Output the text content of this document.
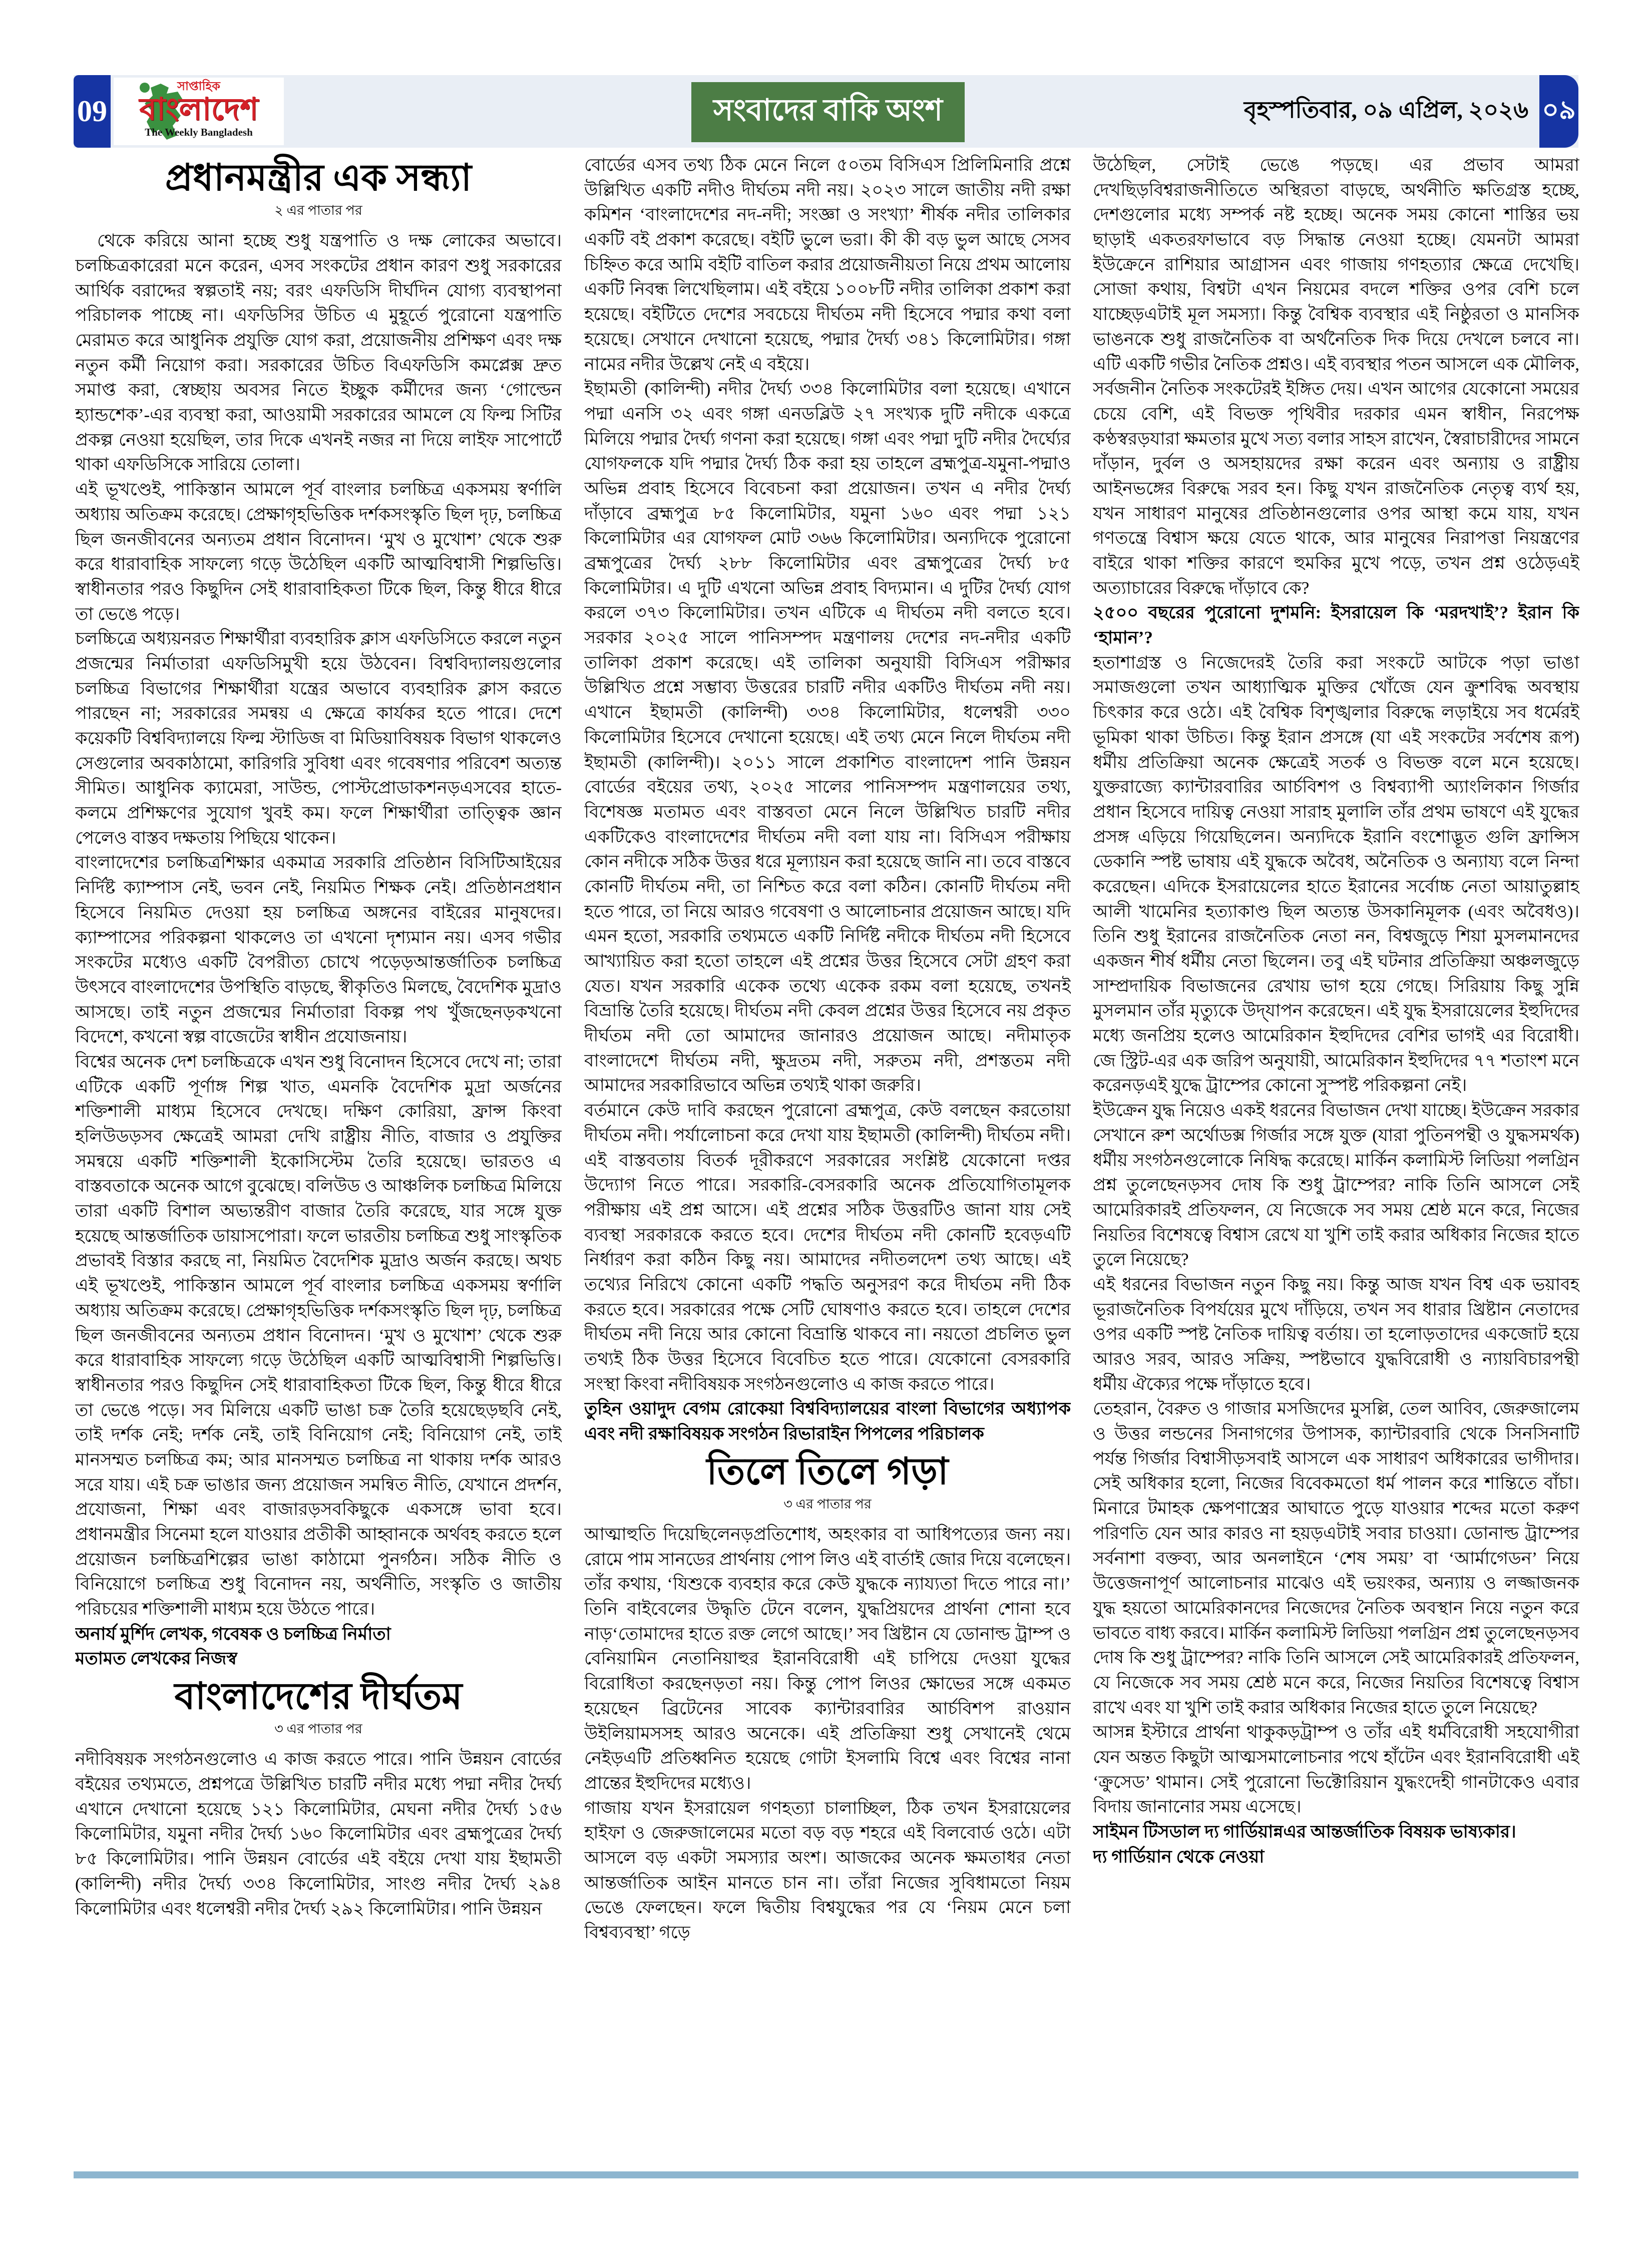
09
সাপ্তাহিক
বাংলাদেশ
The Weekly Bangladesh
সংবাদের বাকি অংশ	বৃহস্পতিবার, ০৯ এপ্রিল, ২০২৬ ০৯
প্রধানমন্ত্রীর এক সন্ধ্যা
২ এর পাতার পর
থেকে করিয়ে আনা হচ্ছে শুধু যন্ত্রপাতি ও দক্ষ লোকের অভাবে। চলচ্চিত্রকারেরা মনে করেন, এসব সংকটের প্রধান কারণ শুধু সরকারের আর্থিক বরাদ্দের স্বল্পতাই নয়; বরং এফডিসি দীর্ঘদিন যোগ্য ব্যবস্থাপনা পরিচালক পাচ্ছে না। এফডিসির উচিত এ মুহূর্তে পুরোনো যন্ত্রপাতি মেরামত করে আধুনিক প্রযুক্তি যোগ করা, প্রয়োজনীয় প্রশিক্ষণ এবং দক্ষ নতুন কর্মী নিয়োগ করা। সরকারের উচিত বিএফডিসি কমপ্লেক্স দ্রুত সমাপ্ত করা, স্বেচ্ছায় অবসর নিতে ইচ্ছুক কর্মীদের জন্য ‘গোল্ডেন হ্যান্ডশেক’-এর ব্যবস্থা করা, আওয়ামী সরকারের আমলে যে ফিল্ম সিটির প্রকল্প নেওয়া হয়েছিল, তার দিকে এখনই নজর না দিয়ে লাইফ সাপোর্টে থাকা এফডিসিকে সারিয়ে তোলা।
এই ভূখণ্ডেই, পাকিস্তান আমলে পূর্ব বাংলার চলচ্চিত্র একসময় স্বর্ণালি অধ্যায় অতিক্রম করেছে। প্রেক্ষাগৃহভিত্তিক দর্শকসংস্কৃতি ছিল দৃঢ়, চলচ্চিত্র ছিল জনজীবনের অন্যতম প্রধান বিনোদন। ‘মুখ ও মুখোশ’ থেকে শুরু করে ধারাবাহিক সাফল্যে গড়ে উঠেছিল একটি আত্মবিশ্বাসী শিল্পভিত্তি। স্বাধীনতার পরও কিছুদিন সেই ধারাবাহিকতা টিকে ছিল, কিন্তু ধীরে ধীরে তা ভেঙে পড়ে।
চলচ্চিত্রে অধ্যয়নরত শিক্ষার্থীরা ব্যবহারিক ক্লাস এফডিসিতে করলে নতুন প্রজন্মের নির্মাতারা এফডিসিমুখী হয়ে উঠবেন। বিশ্ববিদ্যালয়গুলোর চলচ্চিত্র বিভাগের শিক্ষার্থীরা যন্ত্রের অভাবে ব্যবহারিক ক্লাস করতে পারছেন না; সরকারের সমন্বয় এ ক্ষেত্রে কার্যকর হতে পারে। দেশে কয়েকটি বিশ্ববিদ্যালয়ে ফিল্ম স্টাডিজ বা মিডিয়াবিষয়ক বিভাগ থাকলেও সেগুলোর অবকাঠামো, কারিগরি সুবিধা এবং গবেষণার পরিবেশ অত্যন্ত সীমিত। আধুনিক ক্যামেরা, সাউন্ড, পোস্টপ্রোডাকশনড়এসবের হাতে-কলমে প্রশিক্ষণের সুযোগ খুবই কম। ফলে শিক্ষার্থীরা তাত্ত্বিক জ্ঞান পেলেও বাস্তব দক্ষতায় পিছিয়ে থাকেন।
বাংলাদেশের চলচ্চিত্রশিক্ষার একমাত্র সরকারি প্রতিষ্ঠান বিসিটিআইয়ের নির্দিষ্ট ক্যাম্পাস নেই, ভবন নেই, নিয়মিত শিক্ষক নেই। প্রতিষ্ঠানপ্রধান হিসেবে নিয়মিত দেওয়া হয় চলচ্চিত্র অঙ্গনের বাইরের মানুষদের। ক্যাম্পাসের পরিকল্পনা থাকলেও তা এখনো দৃশ্যমান নয়। এসব গভীর সংকটের মধ্যেও একটি বৈপরীত্য চোখে পড়েড়আন্তর্জাতিক চলচ্চিত্র উৎসবে বাংলাদেশের উপস্থিতি বাড়ছে, স্বীকৃতিও মিলছে, বৈদেশিক মুদ্রাও আসছে। তাই নতুন প্রজন্মের নির্মাতারা বিকল্প পথ খুঁজছেনড়কখনো বিদেশে, কখনো স্বল্প বাজেটের স্বাধীন প্রযোজনায়।
বিশ্বের অনেক দেশ চলচ্চিত্রকে এখন শুধু বিনোদন হিসেবে দেখে না; তারা এটিকে একটি পূর্ণাঙ্গ শিল্প খাত, এমনকি বৈদেশিক মুদ্রা অর্জনের শক্তিশালী মাধ্যম হিসেবে দেখছে। দক্ষিণ কোরিয়া, ফ্রান্স কিংবা হলিউডড়সব ক্ষেত্রেই আমরা দেখি রাষ্ট্রীয় নীতি, বাজার ও প্রযুক্তির সমন্বয়ে একটি শক্তিশালী ইকোসিস্টেম তৈরি হয়েছে। ভারতও এ বাস্তবতাকে অনেক আগে বুঝেছে। বলিউড ও আঞ্চলিক চলচ্চিত্র মিলিয়ে তারা একটি বিশাল অভ্যন্তরীণ বাজার তৈরি করেছে, যার সঙ্গে যুক্ত হয়েছে আন্তর্জাতিক ডায়াসপোরা। ফলে ভারতীয় চলচ্চিত্র শুধু সাংস্কৃতিক প্রভাবই বিস্তার করছে না, নিয়মিত বৈদেশিক মুদ্রাও অর্জন করছে। অথচ এই ভূখণ্ডেই, পাকিস্তান আমলে পূর্ব বাংলার চলচ্চিত্র একসময় স্বর্ণালি অধ্যায় অতিক্রম করেছে। প্রেক্ষাগৃহভিত্তিক দর্শকসংস্কৃতি ছিল দৃঢ়, চলচ্চিত্র ছিল জনজীবনের অন্যতম প্রধান বিনোদন। ‘মুখ ও মুখোশ’ থেকে শুরু করে ধারাবাহিক সাফল্যে গড়ে উঠেছিল একটি আত্মবিশ্বাসী শিল্পভিত্তি। স্বাধীনতার পরও কিছুদিন সেই ধারাবাহিকতা টিকে ছিল, কিন্তু ধীরে ধীরে তা ভেঙে পড়ে। সব মিলিয়ে একটি ভাঙা চক্র তৈরি হয়েছেড়ছবি নেই, তাই দর্শক নেই; দর্শক নেই, তাই বিনিয়োগ নেই; বিনিয়োগ নেই, তাই মানসম্মত চলচ্চিত্র কম; আর মানসম্মত চলচ্চিত্র না থাকায় দর্শক আরও সরে যায়। এই চক্র ভাঙার জন্য প্রয়োজন সমন্বিত নীতি, যেখানে প্রদর্শন, প্রযোজনা, শিক্ষা এবং বাজারড়সবকিছুকে একসঙ্গে ভাবা হবে। প্রধানমন্ত্রীর সিনেমা হলে যাওয়ার প্রতীকী আহ্বানকে অর্থবহ করতে হলে প্রয়োজন চলচ্চিত্রশিল্পের ভাঙা কাঠামো পুনর্গঠন। সঠিক নীতি ও বিনিয়োগে চলচ্চিত্র শুধু বিনোদন নয়, অর্থনীতি, সংস্কৃতি ও জাতীয় পরিচয়ের শক্তিশালী মাধ্যম হয়ে উঠতে পারে।
অনার্য মুর্শিদ লেখক, গবেষক ও চলচ্চিত্র নির্মাতা
মতামত লেখকের নিজস্ব
বাংলাদেশের দীর্ঘতম
৩ এর পাতার পর
নদীবিষয়ক সংগঠনগুলোও এ কাজ করতে পারে। পানি উন্নয়ন বোর্ডের বইয়ের তথ্যমতে, প্রশ্নপত্রে উল্লিখিত চারটি নদীর মধ্যে পদ্মা নদীর দৈর্ঘ্য এখানে দেখানো হয়েছে ১২১ কিলোমিটার, মেঘনা নদীর দৈর্ঘ্য ১৫৬ কিলোমিটার, যমুনা নদীর দৈর্ঘ্য ১৬০ কিলোমিটার এবং ব্রহ্মপুত্রের দৈর্ঘ্য ৮৫ কিলোমিটার। পানি উন্নয়ন বোর্ডের এই বইয়ে দেখা যায় ইছামতী (কালিন্দী) নদীর দৈর্ঘ্য ৩৩৪ কিলোমিটার, সাংগু নদীর দৈর্ঘ্য ২৯৪ কিলোমিটার এবং ধলেশ্বরী নদীর দৈর্ঘ্য ২৯২ কিলোমিটার। পানি উন্নয়ন
বোর্ডের এসব তথ্য ঠিক মেনে নিলে ৫০তম বিসিএস প্রিলিমিনারি প্রশ্নে উল্লিখিত একটি নদীও দীর্ঘতম নদী নয়। ২০২৩ সালে জাতীয় নদী রক্ষা কমিশন ‘বাংলাদেশের নদ-নদী; সংজ্ঞা ও সংখ্যা’ শীর্ষক নদীর তালিকার একটি বই প্রকাশ করেছে। বইটি ভুলে ভরা। কী কী বড় ভুল আছে সেসব চিহ্নিত করে আমি বইটি বাতিল করার প্রয়োজনীয়তা নিয়ে প্রথম আলোয় একটি নিবন্ধ লিখেছিলাম। এই বইয়ে ১০০৮টি নদীর তালিকা প্রকাশ করা হয়েছে। বইটিতে দেশের সবচেয়ে দীর্ঘতম নদী হিসেবে পদ্মার কথা বলা হয়েছে। সেখানে দেখানো হয়েছে, পদ্মার দৈর্ঘ্য ৩৪১ কিলোমিটার। গঙ্গা নামের নদীর উল্লেখ নেই এ বইয়ে।
ইছামতী (কালিন্দী) নদীর দৈর্ঘ্য ৩৩৪ কিলোমিটার বলা হয়েছে। এখানে পদ্মা এনসি ৩২ এবং গঙ্গা এনডব্লিউ ২৭ সংখ্যক দুটি নদীকে একত্রে মিলিয়ে পদ্মার দৈর্ঘ্য গণনা করা হয়েছে। গঙ্গা এবং পদ্মা দুটি নদীর দৈর্ঘ্যের যোগফলকে যদি পদ্মার দৈর্ঘ্য ঠিক করা হয় তাহলে ব্রহ্মপুত্র-যমুনা-পদ্মাও অভিন্ন প্রবাহ হিসেবে বিবেচনা করা প্রয়োজন। তখন এ নদীর দৈর্ঘ্য দাঁড়াবে ব্রহ্মপুত্র ৮৫ কিলোমিটার, যমুনা ১৬০ এবং পদ্মা ১২১ কিলোমিটার এর যোগফল মোট ৩৬৬ কিলোমিটার। অন্যদিকে পুরোনো ব্রহ্মপুত্রের দৈর্ঘ্য ২৮৮ কিলোমিটার এবং ব্রহ্মপুত্রের দৈর্ঘ্য ৮৫ কিলোমিটার। এ দুটি এখনো অভিন্ন প্রবাহ বিদ্যমান। এ দুটির দৈর্ঘ্য যোগ করলে ৩৭৩ কিলোমিটার। তখন এটিকে এ দীর্ঘতম নদী বলতে হবে। সরকার ২০২৫ সালে পানিসম্পদ মন্ত্রণালয় দেশের নদ-নদীর একটি তালিকা প্রকাশ করেছে। এই তালিকা অনুযায়ী বিসিএস পরীক্ষার উল্লিখিত প্রশ্নে সম্ভাব্য উত্তরের চারটি নদীর একটিও দীর্ঘতম নদী নয়। এখানে ইছামতী (কালিন্দী) ৩৩৪ কিলোমিটার, ধলেশ্বরী ৩৩০ কিলোমিটার হিসেবে দেখানো হয়েছে। এই তথ্য মেনে নিলে দীর্ঘতম নদী ইছামতী (কালিন্দী)। ২০১১ সালে প্রকাশিত বাংলাদেশ পানি উন্নয়ন বোর্ডের বইয়ের তথ্য, ২০২৫ সালের পানিসম্পদ মন্ত্রণালয়ের তথ্য, বিশেষজ্ঞ মতামত এবং বাস্তবতা মেনে নিলে উল্লিখিত চারটি নদীর একটিকেও বাংলাদেশের দীর্ঘতম নদী বলা যায় না। বিসিএস পরীক্ষায় কোন নদীকে সঠিক উত্তর ধরে মূল্যায়ন করা হয়েছে জানি না। তবে বাস্তবে কোনটি দীর্ঘতম নদী, তা নিশ্চিত করে বলা কঠিন। কোনটি দীর্ঘতম নদী হতে পারে, তা নিয়ে আরও গবেষণা ও আলোচনার প্রয়োজন আছে। যদি এমন হতো, সরকারি তথ্যমতে একটি নির্দিষ্ট নদীকে দীর্ঘতম নদী হিসেবে আখ্যায়িত করা হতো তাহলে এই প্রশ্নের উত্তর হিসেবে সেটা গ্রহণ করা যেত। যখন সরকারি একেক তথ্যে একেক রকম বলা হয়েছে, তখনই বিভ্রান্তি তৈরি হয়েছে। দীর্ঘতম নদী কেবল প্রশ্নের উত্তর হিসেবে নয় প্রকৃত দীর্ঘতম নদী তো আমাদের জানারও প্রয়োজন আছে। নদীমাতৃক বাংলাদেশে দীর্ঘতম নদী, ক্ষুদ্রতম নদী, সরুতম নদী, প্রশস্ততম নদী আমাদের সরকারিভাবে অভিন্ন তথ্যই থাকা জরুরি।
বর্তমানে কেউ দাবি করছেন পুরোনো ব্রহ্মপুত্র, কেউ বলছেন করতোয়া দীর্ঘতম নদী। পর্যালোচনা করে দেখা যায় ইছামতী (কালিন্দী) দীর্ঘতম নদী। এই বাস্তবতায় বিতর্ক দূরীকরণে সরকারের সংশ্লিষ্ট যেকোনো দপ্তর উদ্যোগ নিতে পারে। সরকারি-বেসরকারি অনেক প্রতিযোগিতামূলক পরীক্ষায় এই প্রশ্ন আসে। এই প্রশ্নের সঠিক উত্তরটিও জানা যায় সেই ব্যবস্থা সরকারকে করতে হবে। দেশের দীর্ঘতম নদী কোনটি হবেড়এটি নির্ধারণ করা কঠিন কিছু নয়। আমাদের নদীতলদেশ তথ্য আছে। এই তথ্যের নিরিখে কোনো একটি পদ্ধতি অনুসরণ করে দীর্ঘতম নদী ঠিক করতে হবে। সরকারের পক্ষে সেটি ঘোষণাও করতে হবে। তাহলে দেশের দীর্ঘতম নদী নিয়ে আর কোনো বিভ্রান্তি থাকবে না। নয়তো প্রচলিত ভুল তথ্যই ঠিক উত্তর হিসেবে বিবেচিত হতে পারে। যেকোনো বেসরকারি সংস্থা কিংবা নদীবিষয়ক সংগঠনগুলোও এ কাজ করতে পারে।
তুহিন ওয়াদুদ বেগম রোকেয়া বিশ্ববিদ্যালয়ের বাংলা বিভাগের অধ্যাপক এবং নদী রক্ষাবিষয়ক সংগঠন রিভারাইন পিপলের পরিচালক
তিলে তিলে গড়া
৩ এর পাতার পর
আত্মাহুতি দিয়েছিলেনড়প্রতিশোধ, অহংকার বা আধিপত্যের জন্য নয়। রোমে পাম সানডের প্রার্থনায় পোপ লিও এই বার্তাই জোর দিয়ে বলেছেন। তাঁর কথায়, ‘যিশুকে ব্যবহার করে কেউ যুদ্ধকে ন্যায্যতা দিতে পারে না।’ তিনি বাইবেলের উদ্ধৃতি টেনে বলেন, যুদ্ধপ্রিয়দের প্রার্থনা শোনা হবে নাড়‘তোমাদের হাতে রক্ত লেগে আছে।’ সব খ্রিষ্টান যে ডোনাল্ড ট্রাম্প ও বেনিয়ামিন নেতানিয়াহুর ইরানবিরোধী এই চাপিয়ে দেওয়া যুদ্ধের বিরোধিতা করছেনড়তা নয়। কিন্তু পোপ লিওর ক্ষোভের সঙ্গে একমত হয়েছেন ব্রিটেনের সাবেক ক্যান্টারবারির আর্চবিশপ রাওয়ান উইলিয়ামসসহ আরও অনেকে। এই প্রতিক্রিয়া শুধু সেখানেই থেমে নেইড়এটি প্রতিধ্বনিত হয়েছে গোটা ইসলামি বিশ্বে এবং বিশ্বের নানা প্রান্তের ইহুদিদের মধ্যেও।
গাজায় যখন ইসরায়েল গণহত্যা চালাচ্ছিল, ঠিক তখন ইসরায়েলের হাইফা ও জেরুজালেমের মতো বড় বড় শহরে এই বিলবোর্ড ওঠে। এটা আসলে বড় একটা সমস্যার অংশ। আজকের অনেক ক্ষমতাধর নেতা আন্তর্জাতিক আইন মানতে চান না। তাঁরা নিজের সুবিধামতো নিয়ম ভেঙে ফেলছেন। ফলে দ্বিতীয় বিশ্বযুদ্ধের পর যে ‘নিয়ম মেনে চলা বিশ্বব্যবস্থা’ গড়ে
উঠেছিল, সেটাই ভেঙে পড়ছে। এর প্রভাব আমরা দেখছিড়বিশ্বরাজনীতিতে অস্থিরতা বাড়ছে, অর্থনীতি ক্ষতিগ্রস্ত হচ্ছে, দেশগুলোর মধ্যে সম্পর্ক নষ্ট হচ্ছে। অনেক সময় কোনো শাস্তির ভয় ছাড়াই একতরফাভাবে বড় সিদ্ধান্ত নেওয়া হচ্ছে। যেমনটা আমরা ইউক্রেনে রাশিয়ার আগ্রাসন এবং গাজায় গণহত্যার ক্ষেত্রে দেখেছি। সোজা কথায়, বিশ্বটা এখন নিয়মের বদলে শক্তির ওপর বেশি চলে যাচ্ছেড়এটাই মূল সমস্যা। কিন্তু বৈশ্বিক ব্যবস্থার এই নিষ্ঠুরতা ও মানসিক ভাঙনকে শুধু রাজনৈতিক বা অর্থনৈতিক দিক দিয়ে দেখলে চলবে না। এটি একটি গভীর নৈতিক প্রশ্নও। এই ব্যবস্থার পতন আসলে এক মৌলিক, সর্বজনীন নৈতিক সংকটেরই ইঙ্গিত দেয়। এখন আগের যেকোনো সময়ের চেয়ে বেশি, এই বিভক্ত পৃথিবীর দরকার এমন স্বাধীন, নিরপেক্ষ কণ্ঠস্বরড়যারা ক্ষমতার মুখে সত্য বলার সাহস রাখেন, স্বৈরাচারীদের সামনে দাঁড়ান, দুর্বল ও অসহায়দের রক্ষা করেন এবং অন্যায় ও রাষ্ট্রীয় আইনভঙ্গের বিরুদ্ধে সরব হন। কিছু যখন রাজনৈতিক নেতৃত্ব ব্যর্থ হয়, যখন সাধারণ মানুষের প্রতিষ্ঠানগুলোর ওপর আস্থা কমে যায়, যখন গণতন্ত্রে বিশ্বাস ক্ষয়ে যেতে থাকে, আর মানুষের নিরাপত্তা নিয়ন্ত্রণের বাইরে থাকা শক্তির কারণে হুমকির মুখে পড়ে, তখন প্রশ্ন ওঠেড়এই অত্যাচারের বিরুদ্ধে দাঁড়াবে কে?
২৫০০ বছরের পুরোনো দুশমনি: ইসরায়েল কি ‘মরদখাই’? ইরান কি ‘হামান’?
হতাশাগ্রস্ত ও নিজেদেরই তৈরি করা সংকটে আটকে পড়া ভাঙা সমাজগুলো তখন আধ্যাত্মিক মুক্তির খোঁজে যেন ক্রুশবিদ্ধ অবস্থায় চিৎকার করে ওঠে। এই বৈশ্বিক বিশৃঙ্খলার বিরুদ্ধে লড়াইয়ে সব ধর্মেরই ভূমিকা থাকা উচিত। কিন্তু ইরান প্রসঙ্গে (যা এই সংকটের সর্বশেষ রূপ) ধর্মীয় প্রতিক্রিয়া অনেক ক্ষেত্রেই সতর্ক ও বিভক্ত বলে মনে হয়েছে। যুক্তরাজ্যে ক্যান্টারবারির আর্চবিশপ ও বিশ্বব্যাপী অ্যাংলিকান গির্জার প্রধান হিসেবে দায়িত্ব নেওয়া সারাহ মুলালি তাঁর প্রথম ভাষণে এই যুদ্ধের প্রসঙ্গ এড়িয়ে গিয়েছিলেন। অন্যদিকে ইরানি বংশোদ্ভূত গুলি ফ্রান্সিস ডেকানি স্পষ্ট ভাষায় এই যুদ্ধকে অবৈধ, অনৈতিক ও অন্যায্য বলে নিন্দা করেছেন। এদিকে ইসরায়েলের হাতে ইরানের সর্বোচ্চ নেতা আয়াতুল্লাহ আলী খামেনির হত্যাকাণ্ড ছিল অত্যন্ত উসকানিমূলক (এবং অবৈধও)। তিনি শুধু ইরানের রাজনৈতিক নেতা নন, বিশ্বজুড়ে শিয়া মুসলমানদের একজন শীর্ষ ধর্মীয় নেতা ছিলেন। তবু এই ঘটনার প্রতিক্রিয়া অঞ্চলজুড়ে সাম্প্রদায়িক বিভাজনের রেখায় ভাগ হয়ে গেছে। সিরিয়ায় কিছু সুন্নি মুসলমান তাঁর মৃত্যুকে উদ্‌যাপন করেছেন। এই যুদ্ধ ইসরায়েলের ইহুদিদের মধ্যে জনপ্রিয় হলেও আমেরিকান ইহুদিদের বেশির ভাগই এর বিরোধী। জে স্ট্রিট-এর এক জরিপ অনুযায়ী, আমেরিকান ইহুদিদের ৭৭ শতাংশ মনে করেনড়এই যুদ্ধে ট্রাম্পের কোনো সুস্পষ্ট পরিকল্পনা নেই।
ইউক্রেন যুদ্ধ নিয়েও একই ধরনের বিভাজন দেখা যাচ্ছে। ইউক্রেন সরকার সেখানে রুশ অর্থোডক্স গির্জার সঙ্গে যুক্ত (যারা পুতিনপন্থী ও যুদ্ধসমর্থক) ধর্মীয় সংগঠনগুলোকে নিষিদ্ধ করেছে। মার্কিন কলামিস্ট লিডিয়া পলগ্রিন প্রশ্ন তুলেছেনড়সব দোষ কি শুধু ট্রাম্পের? নাকি তিনি আসলে সেই আমেরিকারই প্রতিফলন, যে নিজেকে সব সময় শ্রেষ্ঠ মনে করে, নিজের নিয়তির বিশেষত্বে বিশ্বাস রেখে যা খুশি তাই করার অধিকার নিজের হাতে তুলে নিয়েছে?
এই ধরনের বিভাজন নতুন কিছু নয়। কিন্তু আজ যখন বিশ্ব এক ভয়াবহ ভূরাজনৈতিক বিপর্যয়ের মুখে দাঁড়িয়ে, তখন সব ধারার খ্রিষ্টান নেতাদের ওপর একটি স্পষ্ট নৈতিক দায়িত্ব বর্তায়। তা হলোড়তাদের একজোট হয়ে আরও সরব, আরও সক্রিয়, স্পষ্টভাবে যুদ্ধবিরোধী ও ন্যায়বিচারপন্থী ধর্মীয় ঐক্যের পক্ষে দাঁড়াতে হবে।
তেহরান, বৈরুত ও গাজার মসজিদের মুসল্লি, তেল আবিব, জেরুজালেম ও উত্তর লন্ডনের সিনাগগের উপাসক, ক্যান্টারবারি থেকে সিনসিনাটি পর্যন্ত গির্জার বিশ্বাসীড়সবাই আসলে এক সাধারণ অধিকারের ভাগীদার। সেই অধিকার হলো, নিজের বিবেকমতো ধর্ম পালন করে শান্তিতে বাঁচা। মিনারে টমাহক ক্ষেপণাস্ত্রের আঘাতে পুড়ে যাওয়ার শব্দের মতো করুণ পরিণতি যেন আর কারও না হয়ড়এটাই সবার চাওয়া। ডোনাল্ড ট্রাম্পের সর্বনাশা বক্তব্য, আর অনলাইনে ‘শেষ সময়’ বা ‘আর্মাগেডন’ নিয়ে উত্তেজনাপূর্ণ আলোচনার মাঝেও এই ভয়ংকর, অন্যায় ও লজ্জাজনক যুদ্ধ হয়তো আমেরিকানদের নিজেদের নৈতিক অবস্থান নিয়ে নতুন করে ভাবতে বাধ্য করবে। মার্কিন কলামিস্ট লিডিয়া পলগ্রিন প্রশ্ন তুলেছেনড়সব দোষ কি শুধু ট্রাম্পের? নাকি তিনি আসলে সেই আমেরিকারই প্রতিফলন, যে নিজেকে সব সময় শ্রেষ্ঠ মনে করে, নিজের নিয়তির বিশেষত্বে বিশ্বাস রাখে এবং যা খুশি তাই করার অধিকার নিজের হাতে তুলে নিয়েছে?
আসন্ন ইস্টারে প্রার্থনা থাকুকড়ট্রাম্প ও তাঁর এই ধর্মবিরোধী সহযোগীরা যেন অন্তত কিছুটা আত্মসমালোচনার পথে হাঁটেন এবং ইরানবিরোধী এই ‘ক্রুসেড’ থামান। সেই পুরোনো ভিক্টোরিয়ান যুদ্ধংদেহী গানটাকেও এবার বিদায় জানানোর সময় এসেছে।
সাইমন টিসডাল দ্য গার্ডিয়ান্নএর আন্তর্জাতিক বিষয়ক ভাষ্যকার।
দ্য গার্ডিয়ান থেকে নেওয়া
